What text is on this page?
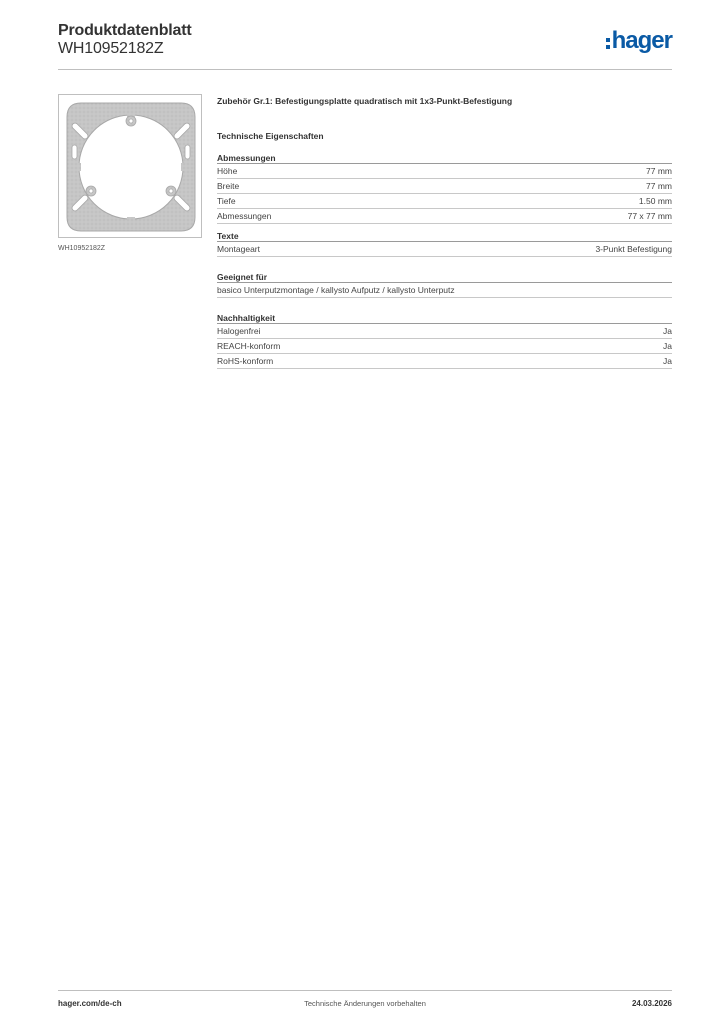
Produktdatenblatt
WH10952182Z	hager
WH10952182Z
Zubehör Gr.1: Befestigungsplatte quadratisch mit 1x3-Punkt-Befestigung
Technische Eigenschaften
Abmessungen
Höhe	77 mm
Breite	77 mm
Tiefe	1.50 mm
Abmessungen	77 x 77 mm
Texte
Montageart	3-Punkt Befestigung
Geeignet für
basico Unterputzmontage / kallysto Aufputz / kallysto Unterputz
Nachhaltigkeit
Halogenfrei	Ja
REACH-konform	Ja
RoHS-konform	Ja
hager.com/de-ch	Technische Änderungen vorbehalten	24.03.2026
